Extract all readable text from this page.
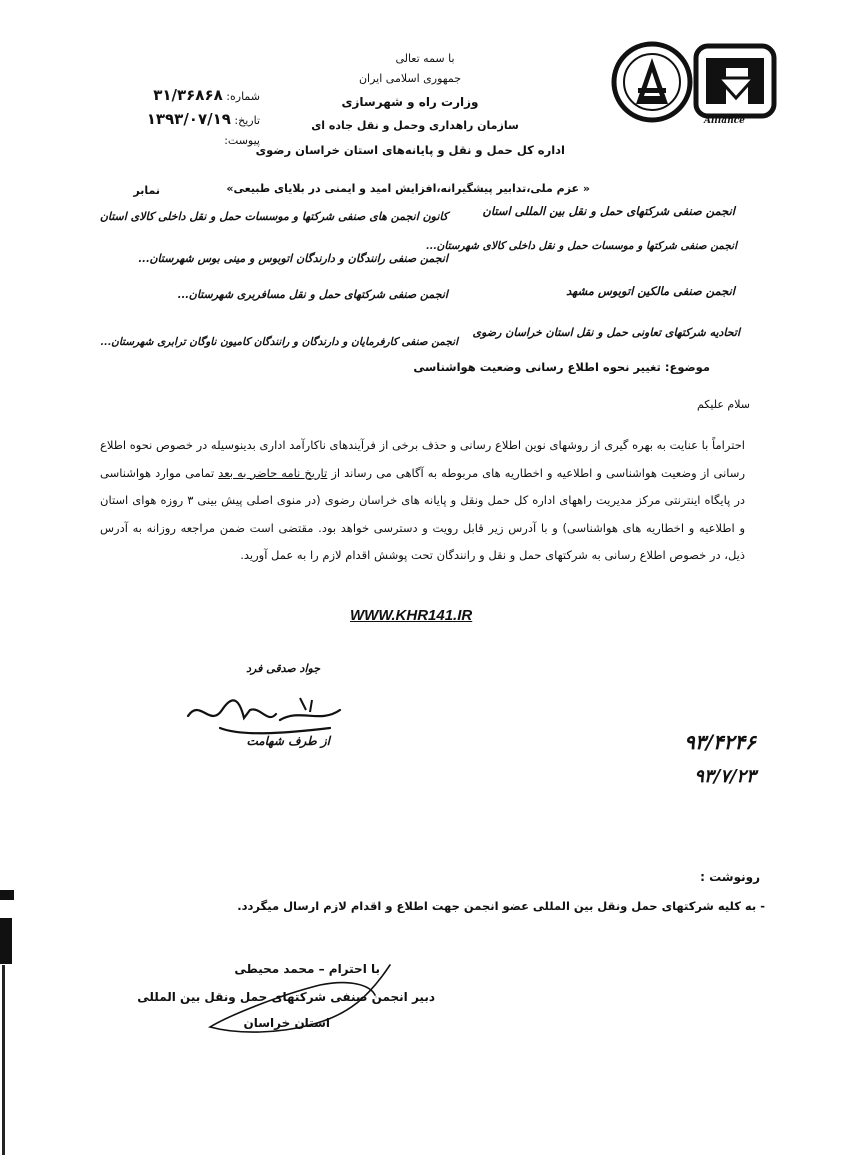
Alliance
با سمه تعالی
جمهوری اسلامی ایران
وزارت راه و شهرسازی
سازمان راهداری وحمل و نقل جاده ای
اداره کل حمل و نقل و پایانه‌های استان خراسان رضوی
شماره: ۳۱/۳۶۸۶۸
تاریخ: ۱۳۹۳/۰۷/۱۹
پیوست:
« عزم ملی،تدابیر پیشگیرانه،افزایش امید و ایمنی در بلایای طبیعی»
نمابر
انجمن صنفی شرکتهای حمل و نقل بین المللی استان
کانون انجمن های صنفی شرکتها و موسسات حمل و نقل داخلی کالای استان
انجمن صنفی شرکتها و موسسات حمل و نقل داخلی کالای شهرستان...
انجمن صنفی رانندگان و دارندگان اتوبوس و مینی بوس شهرستان...
انجمن صنفی مالکین اتوبوس مشهد
انجمن صنفی شرکتهای حمل و نقل مسافربری شهرستان...
اتحادیه شرکتهای تعاونی حمل و نقل استان خراسان رضوی
انجمن صنفی کارفرمایان و دارندگان و رانندگان کامیون ناوگان ترابری شهرستان...
موضوع: تغییر نحوه اطلاع رسانی وضعیت هواشناسی
سلام علیکم
احتراماً با عنایت به بهره گیری از روشهای نوین اطلاع رسانی و حذف برخی از فرآیندهای ناکارآمد اداری بدینوسیله در خصوص نحوه اطلاع رسانی از وضعیت هواشناسی و اطلاعیه و اخطاریه های مربوطه به آگاهی می رساند از تاریخ نامه حاضر به بعد تمامی موارد هواشناسی در پایگاه اینترنتی مرکز مدیریت راههای اداره کل حمل ونقل و پایانه های خراسان رضوی (در منوی اصلی پیش بینی ۳ روزه هوای استان و اطلاعیه و اخطاریه های هواشناسی) و با آدرس زیر قابل رویت و دسترسی خواهد بود. مقتضی است ضمن مراجعه روزانه به آدرس ذیل، در خصوص اطلاع رسانی به شرکتهای حمل و نقل و رانندگان تحت پوشش اقدام لازم را به عمل آورید.
WWW.KHR141.IR
جواد صدقی فرد
از طرف شهامت	۹۳/۴۲۴۶
۹۳/۷/۲۳
رونوشت :
- به کلیه شرکتهای حمل ونقل بین المللی عضو انجمن جهت اطلاع و اقدام لازم ارسال میگردد.
با احترام – محمد محیطی
دبیر انجمن صنفی شرکتهای حمل ونقل بین المللی
استان خراسان
